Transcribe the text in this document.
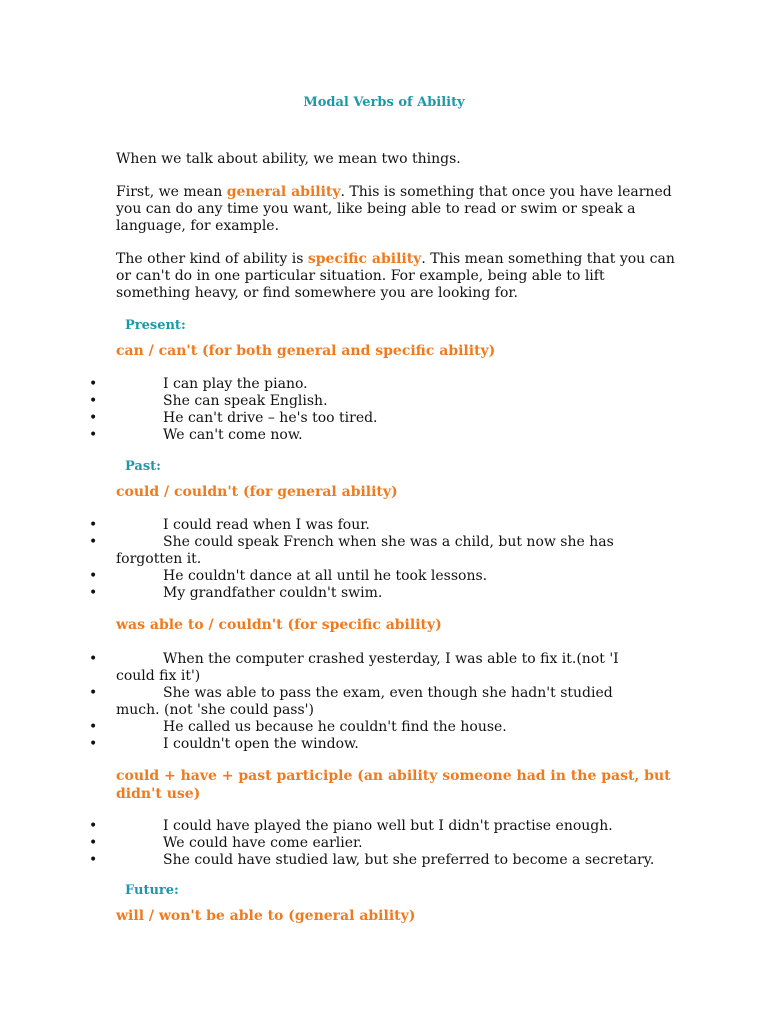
Modal Verbs of Ability
When we talk about ability, we mean two things.
First, we mean general ability. This is something that once you have learned you can do any time you want, like being able to read or swim or speak a language, for example.
The other kind of ability is specific ability. This mean something that you can or can't do in one particular situation. For example, being able to lift something heavy, or find somewhere you are looking for.
Present:
can / can't (for both general and specific ability)
•	I can play the piano.
•	She can speak English.
•	He can't drive – he's too tired.
•	We can't come now.
Past:
could / couldn't (for general ability)
•	I could read when I was four.
•	She could speak French when she was a child, but now she has forgotten it.
•	He couldn't dance at all until he took lessons.
•	My grandfather couldn't swim.
was able to / couldn't (for specific ability)
•	When the computer crashed yesterday, I was able to fix it.(not 'I could fix it')
•	She was able to pass the exam, even though she hadn't studied much. (not 'she could pass')
•	He called us because he couldn't find the house.
•	I couldn't open the window.
could + have + past participle (an ability someone had in the past, but didn't use)
•	I could have played the piano well but I didn't practise enough.
•	We could have come earlier.
•	She could have studied law, but she preferred to become a secretary.
Future:
will / won't be able to (general ability)
